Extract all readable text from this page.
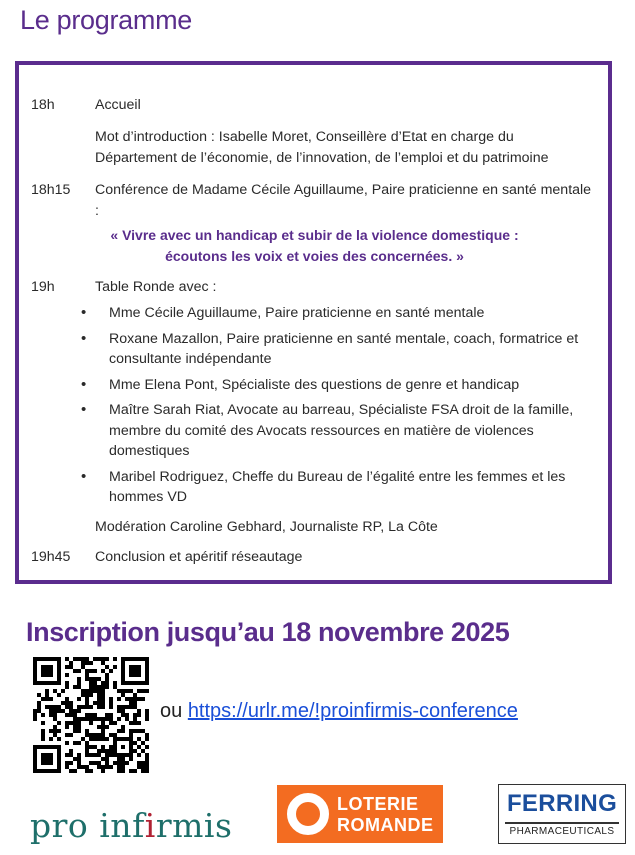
Le programme
18h	Accueil
Mot d’introduction : Isabelle Moret, Conseillère d’Etat en charge du Département de l’économie, de l’innovation, de l’emploi et du patrimoine
18h15	Conférence de Madame Cécile Aguillaume, Paire praticienne en santé mentale :
« Vivre avec un handicap et subir de la violence domestique :
écoutons les voix et voies des concernées. »
19h	Table Ronde avec :
• Mme Cécile Aguillaume, Paire praticienne en santé mentale
• Roxane Mazallon, Paire praticienne en santé mentale, coach, formatrice et consultante indépendante
• Mme Elena Pont, Spécialiste des questions de genre et handicap
• Maître Sarah Riat, Avocate au barreau, Spécialiste FSA droit de la famille, membre du comité des Avocats ressources en matière de violences domestiques
• Maribel Rodriguez, Cheffe du Bureau de l’égalité entre les femmes et les hommes VD
Modération Caroline Gebhard, Journaliste RP, La Côte
19h45	Conclusion et apéritif réseautage
Inscription jusqu’au 18 novembre 2025
ou https://urlr.me/!proinfirmis-conference
pro infirmis
LOTERIE
ROMANDE
FERRING
PHARMACEUTICALS
